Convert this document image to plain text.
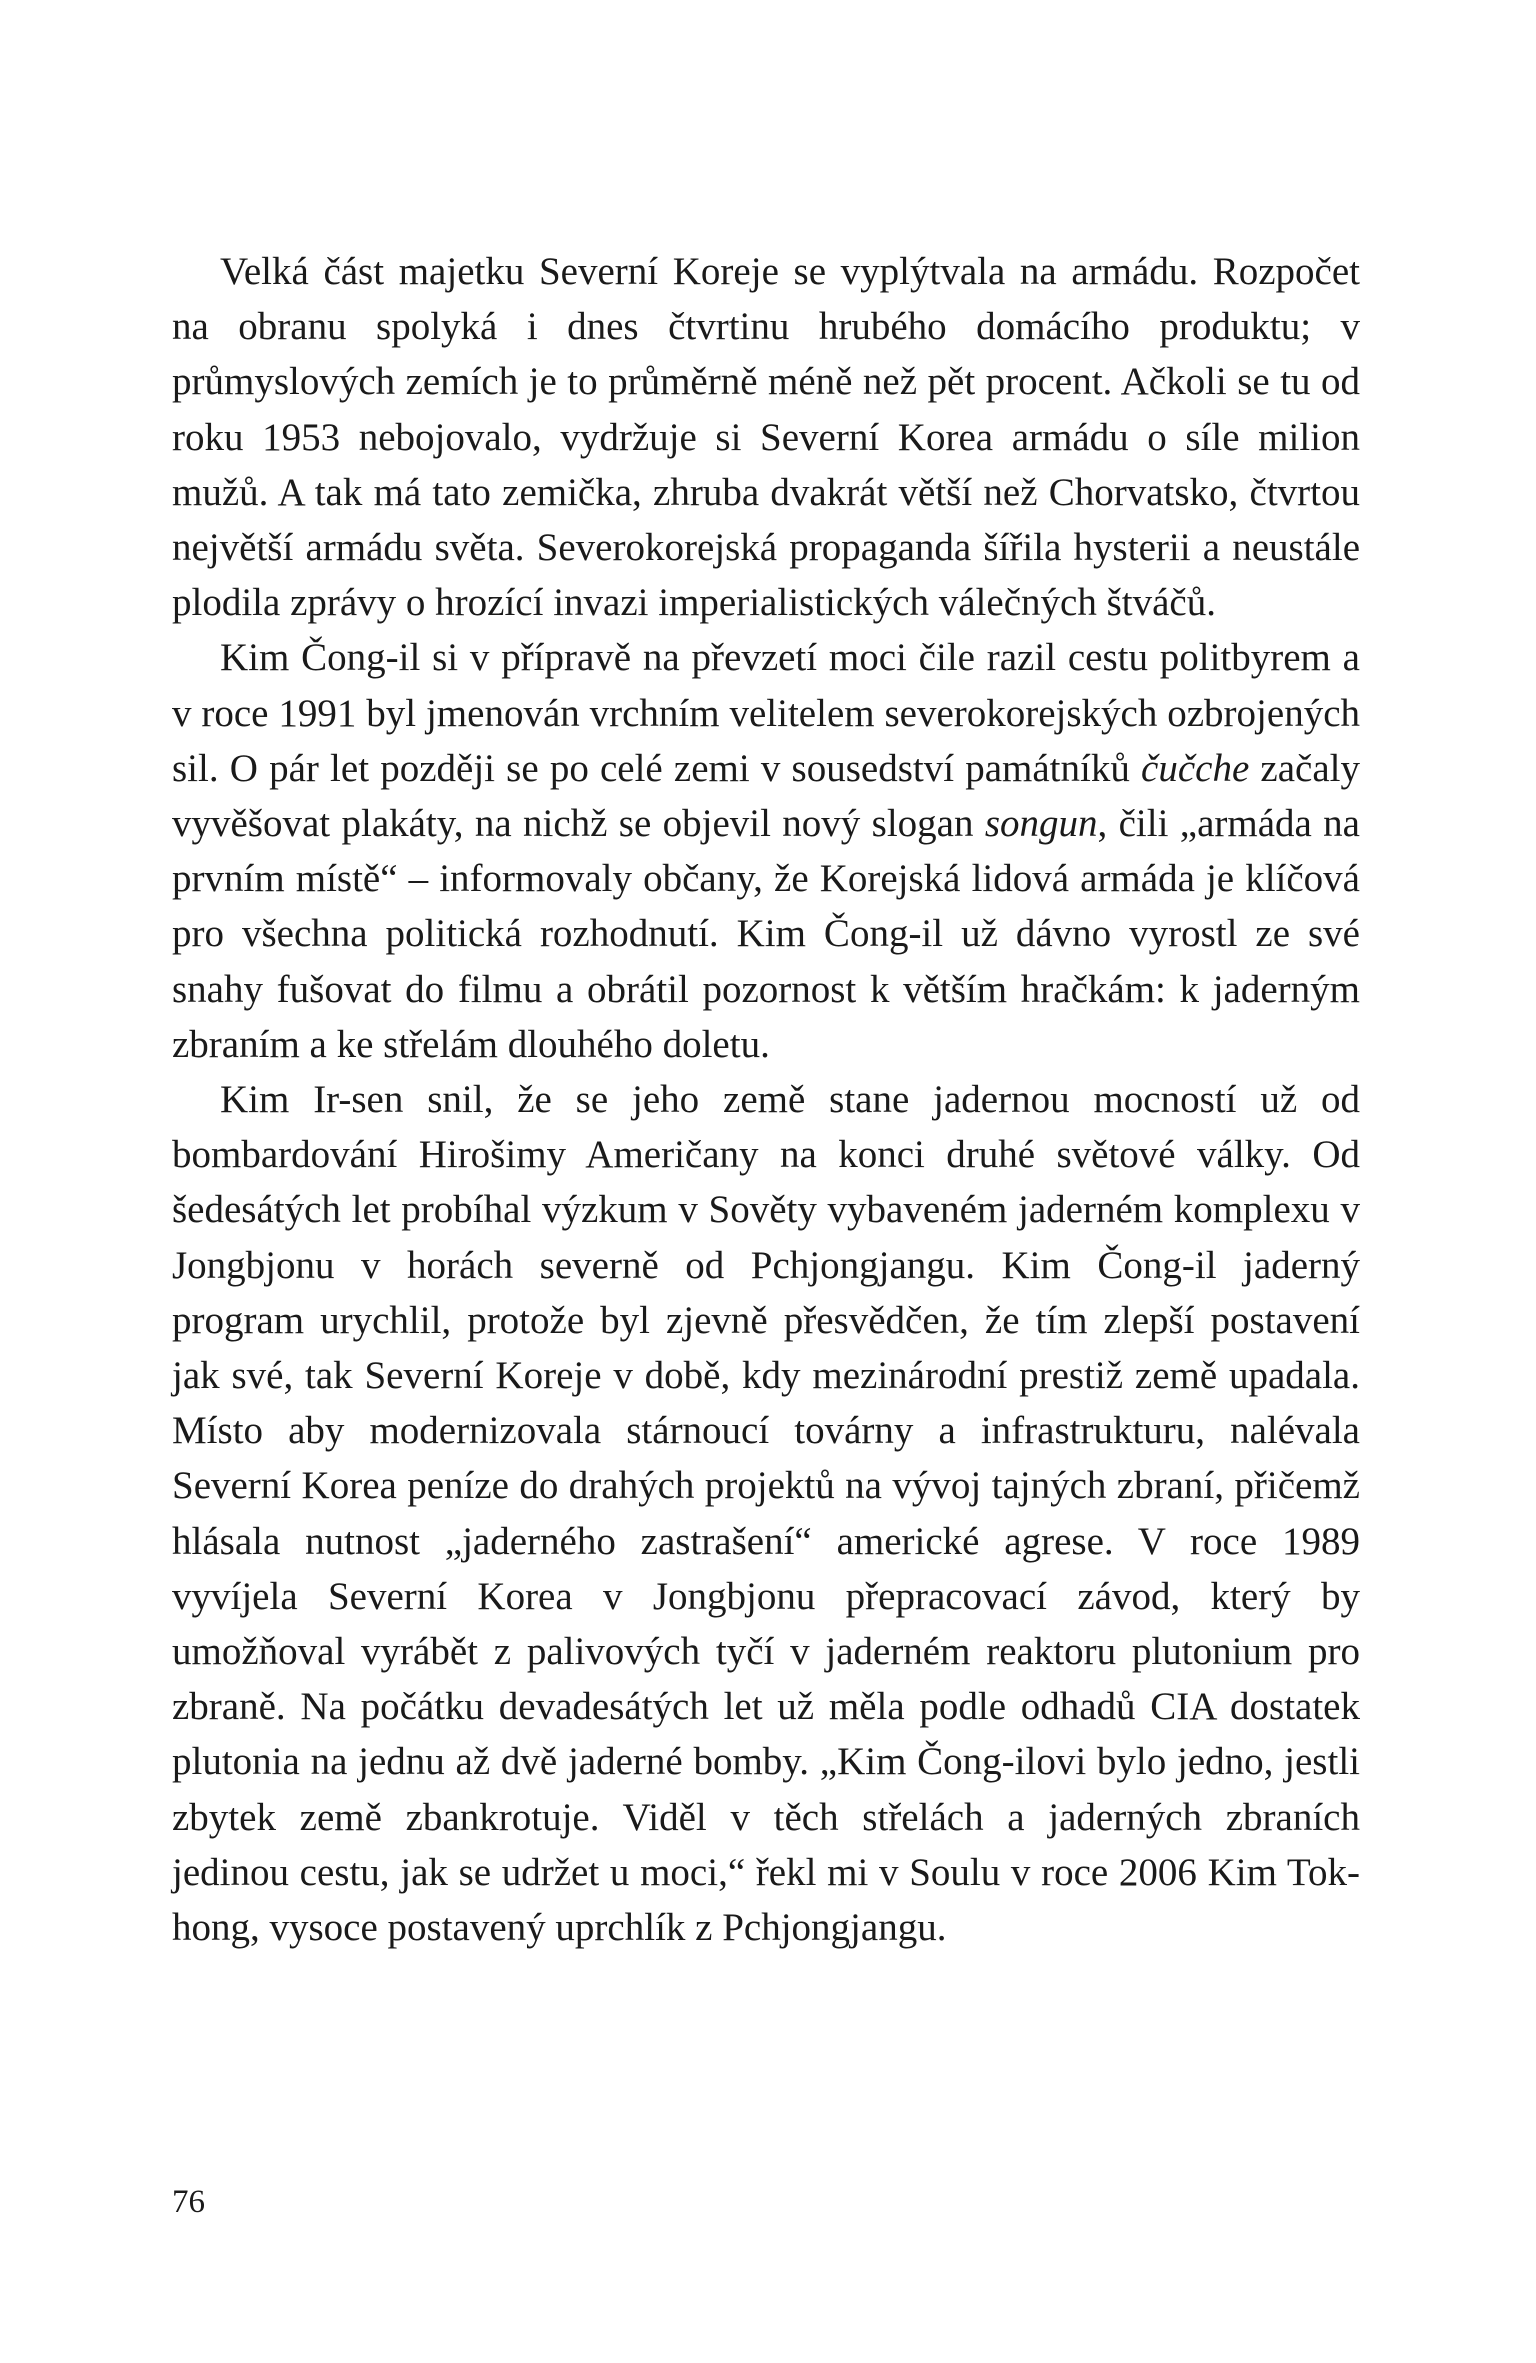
Velká část majetku Severní Koreje se vyplýtvala na armádu. Rozpočet na obranu spolyká i dnes čtvrtinu hrubého domácího produktu; v průmyslových zemích je to průměrně méně než pět procent. Ačkoli se tu od roku 1953 nebojovalo, vydržuje si Severní Korea armádu o síle milion mužů. A tak má tato zemička, zhruba dvakrát větší než Chorvatsko, čtvrtou největší armádu světa. Severokorejská propaganda šířila hysterii a neustále plodila zprávy o hrozící invazi imperialistických válečných štváčů.

Kim Čong-il si v přípravě na převzetí moci čile razil cestu politbyrem a v roce 1991 byl jmenován vrchním velitelem severokorejských ozbrojených sil. O pár let později se po celé zemi v sousedství památníků čučche začaly vyvěšovat plakáty, na nichž se objevil nový slogan songun, čili „armáda na prvním místě“ – informovaly občany, že Korejská lidová armáda je klíčová pro všechna politická rozhodnutí. Kim Čong-il už dávno vyrostl ze své snahy fušovat do filmu a obrátil pozornost k větším hračkám: k jaderným zbraním a ke střelám dlouhého doletu.

Kim Ir-sen snil, že se jeho země stane jadernou mocností už od bombardování Hirošimy Američany na konci druhé světové války. Od šedesátých let probíhal výzkum v Sověty vybaveném jaderném komplexu v Jongbjonu v horách severně od Pchjongjangu. Kim Čong-il jaderný program urychlil, protože byl zjevně přesvědčen, že tím zlepší postavení jak své, tak Severní Koreje v době, kdy mezinárodní prestiž země upadala. Místo aby modernizovala stárnoucí továrny a infrastrukturu, nalévala Severní Korea peníze do drahých projektů na vývoj tajných zbraní, přičemž hlásala nutnost „jaderného zastrašení“ americké agrese. V roce 1989 vyvíjela Severní Korea v Jongbjonu přepracovací závod, který by umožňoval vyrábět z palivových tyčí v jaderném reaktoru plutonium pro zbraně. Na počátku devadesátých let už měla podle odhadů CIA dostatek plutonia na jednu až dvě jaderné bomby. „Kim Čong-ilovi bylo jedno, jestli zbytek země zbankrotuje. Viděl v těch střelách a jaderných zbraních jedinou cestu, jak se udržet u moci,“ řekl mi v Soulu v roce 2006 Kim Tok-hong, vysoce postavený uprchlík z Pchjongjangu.

76
